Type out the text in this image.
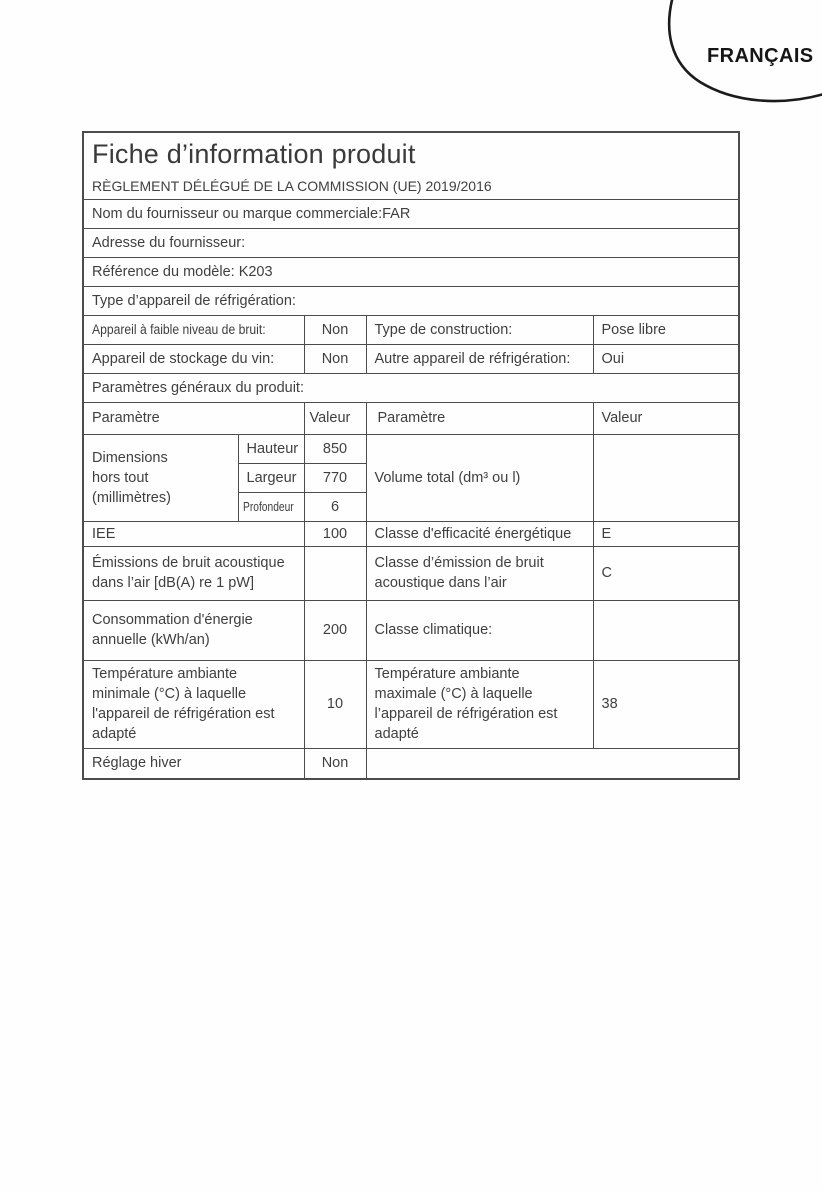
FRANÇAIS
Fiche d’information produit
RÈGLEMENT DÉLÉGUÉ DE LA COMMISSION (UE) 2019/2016				

Nom du fournisseur ou marque commerciale:FAR				
Adresse du fournisseur:				
Référence du modèle: K203				
Type d’appareil de réfrigération:				
Appareil à faible niveau de bruit:		Non	Type de construction:	Pose libre
Appareil de stockage du vin:		Non	Autre appareil de réfrigération:	Oui
Paramètres généraux du produit:				
Paramètre		Valeur	Paramètre	Valeur

Dimensions
hors tout
(millimètres)	Hauteur	850	Volume total (dm³ ou l)	
	Largeur	770		
	Profondeur	6		
IEE		100	Classe d'efficacité énergétique	E
Émissions de bruit acoustique dans l’air [dB(A) re 1 pW]			Classe d’émission de bruit acoustique dans l’air	C
Consommation d'énergie annuelle (kWh/an)		200	Classe climatique:	
Température ambiante minimale (°C) à laquelle l'appareil de réfrigération est adapté		10	Température ambiante maximale (°C) à laquelle l’appareil de réfrigération est adapté	38
Réglage hiver		Non		
